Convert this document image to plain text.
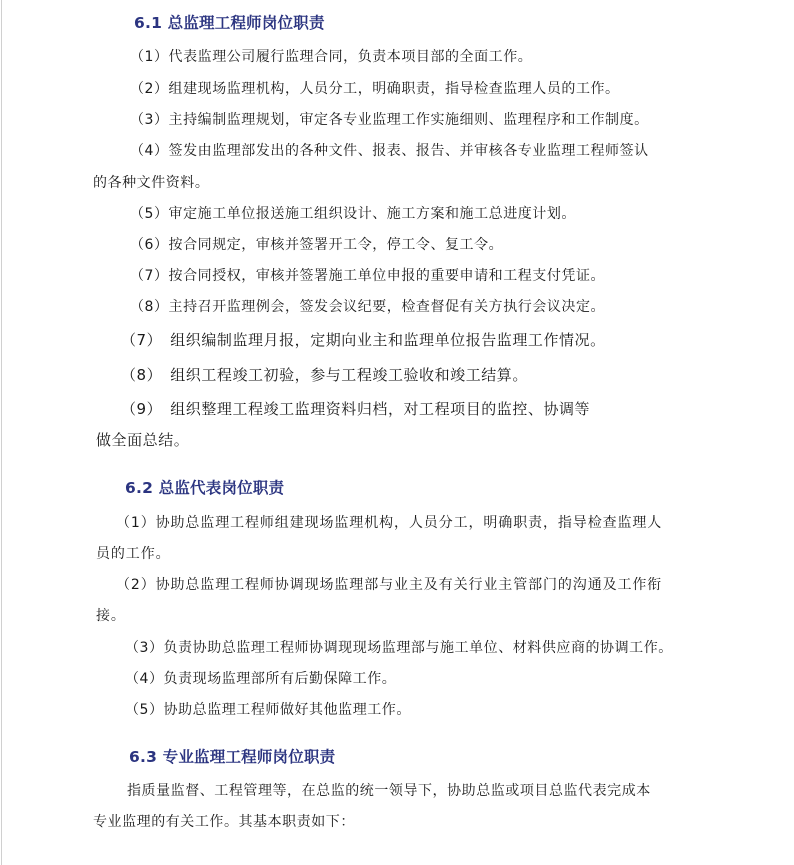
6.1 总监理工程师岗位职责

（1）代表监理公司履行监理合同，负责本项目部的全面工作。

（2）组建现场监理机构，人员分工，明确职责，指导检查监理人员的工作。

（3）主持编制监理规划，审定各专业监理工作实施细则、监理程序和工作制度。

（4）签发由监理部发出的各种文件、报表、报告、并审核各专业监理工程师签认

的各种文件资料。

（5）审定施工单位报送施工组织设计、施工方案和施工总进度计划。

（6）按合同规定，审核并签署开工令，停工令、复工令。

（7）按合同授权，审核并签署施工单位申报的重要申请和工程支付凭证。

（8）主持召开监理例会，签发会议纪要，检查督促有关方执行会议决定。

（7）　组织编制监理月报，定期向业主和监理单位报告监理工作情况。

（8）　组织工程竣工初验，参与工程竣工验收和竣工结算。

（9）　组织整理工程竣工监理资料归档，对工程项目的监控、协调等

做全面总结。

6.2 总监代表岗位职责

（1）协助总监理工程师组建现场监理机构，人员分工，明确职责，指导检查监理人

员的工作。

（2）协助总监理工程师协调现场监理部与业主及有关行业主管部门的沟通及工作衔

接。

（3）负责协助总监理工程师协调现现场监理部与施工单位、材料供应商的协调工作。

（4）负责现场监理部所有后勤保障工作。

（5）协助总监理工程师做好其他监理工作。

6.3 专业监理工程师岗位职责

指质量监督、工程管理等，在总监的统一领导下，协助总监或项目总监代表完成本

专业监理的有关工作。其基本职责如下：
